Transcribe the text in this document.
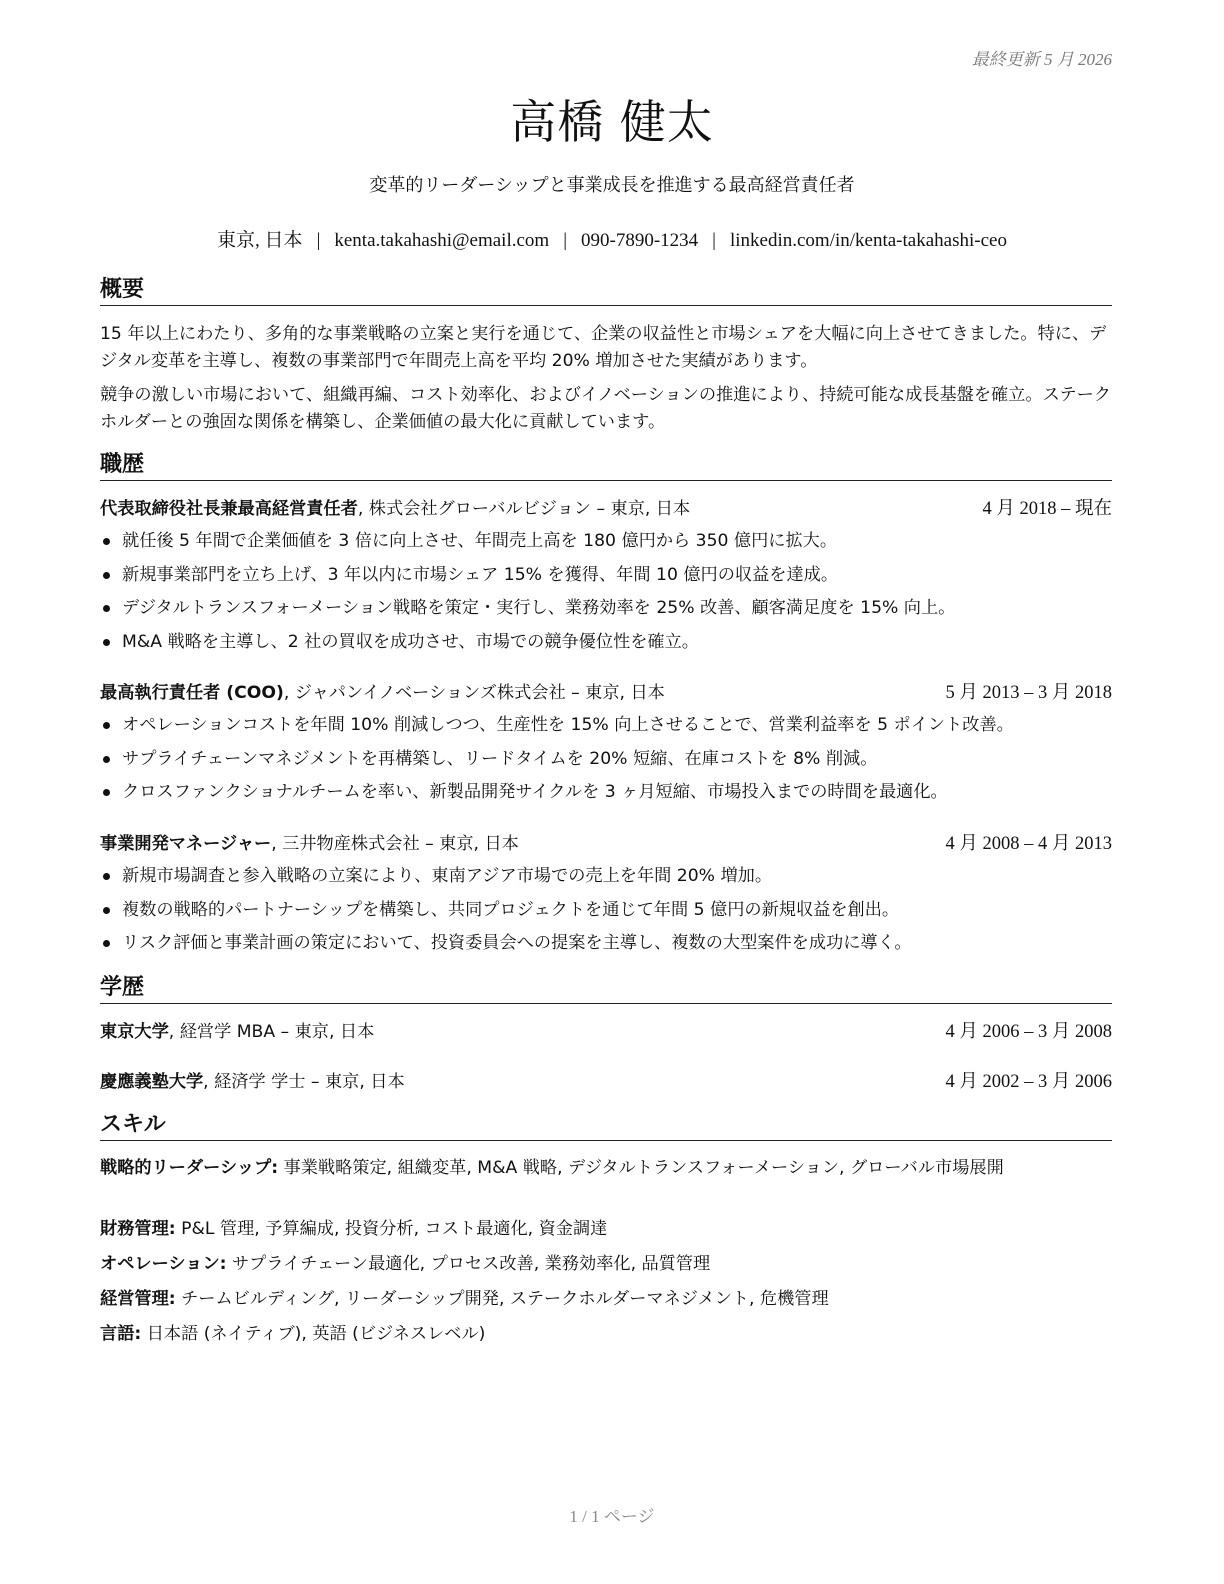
最終更新 5 月 2026
高橋 健太
変革的リーダーシップと事業成長を推進する最高経営責任者
東京, 日本 | kenta.takahashi@email.com | 090-7890-1234 | linkedin.com/in/kenta-takahashi-ceo
概要
15 年以上にわたり、多角的な事業戦略の立案と実行を通じて、企業の収益性と市場シェアを大幅に向上させてきました。特に、デジタル変革を主導し、複数の事業部門で年間売上高を平均 20% 増加させた実績があります。
競争の激しい市場において、組織再編、コスト効率化、およびイノベーションの推進により、持続可能な成長基盤を確立。ステークホルダーとの強固な関係を構築し、企業価値の最大化に貢献しています。
職歴
代表取締役社長兼最高経営責任者, 株式会社グローバルビジョン – 東京, 日本	4 月 2018 – 現在
就任後 5 年間で企業価値を 3 倍に向上させ、年間売上高を 180 億円から 350 億円に拡大。
新規事業部門を立ち上げ、3 年以内に市場シェア 15% を獲得、年間 10 億円の収益を達成。
デジタルトランスフォーメーション戦略を策定・実行し、業務効率を 25% 改善、顧客満足度を 15% 向上。
M&A 戦略を主導し、2 社の買収を成功させ、市場での競争優位性を確立。
最高執行責任者 (COO), ジャパンイノベーションズ株式会社 – 東京, 日本	5 月 2013 – 3 月 2018
オペレーションコストを年間 10% 削減しつつ、生産性を 15% 向上させることで、営業利益率を 5 ポイント改善。
サプライチェーンマネジメントを再構築し、リードタイムを 20% 短縮、在庫コストを 8% 削減。
クロスファンクショナルチームを率い、新製品開発サイクルを 3 ヶ月短縮、市場投入までの時間を最適化。
事業開発マネージャー, 三井物産株式会社 – 東京, 日本	4 月 2008 – 4 月 2013
新規市場調査と参入戦略の立案により、東南アジア市場での売上を年間 20% 増加。
複数の戦略的パートナーシップを構築し、共同プロジェクトを通じて年間 5 億円の新規収益を創出。
リスク評価と事業計画の策定において、投資委員会への提案を主導し、複数の大型案件を成功に導く。
学歴
東京大学, 経営学 MBA – 東京, 日本	4 月 2006 – 3 月 2008
慶應義塾大学, 経済学 学士 – 東京, 日本	4 月 2002 – 3 月 2006
スキル
戦略的リーダーシップ: 事業戦略策定, 組織変革, M&A 戦略, デジタルトランスフォーメーション, グローバル市場展開
財務管理: P&L 管理, 予算編成, 投資分析, コスト最適化, 資金調達
オペレーション: サプライチェーン最適化, プロセス改善, 業務効率化, 品質管理
経営管理: チームビルディング, リーダーシップ開発, ステークホルダーマネジメント, 危機管理
言語: 日本語 (ネイティブ), 英語 (ビジネスレベル)
1 / 1 ページ
